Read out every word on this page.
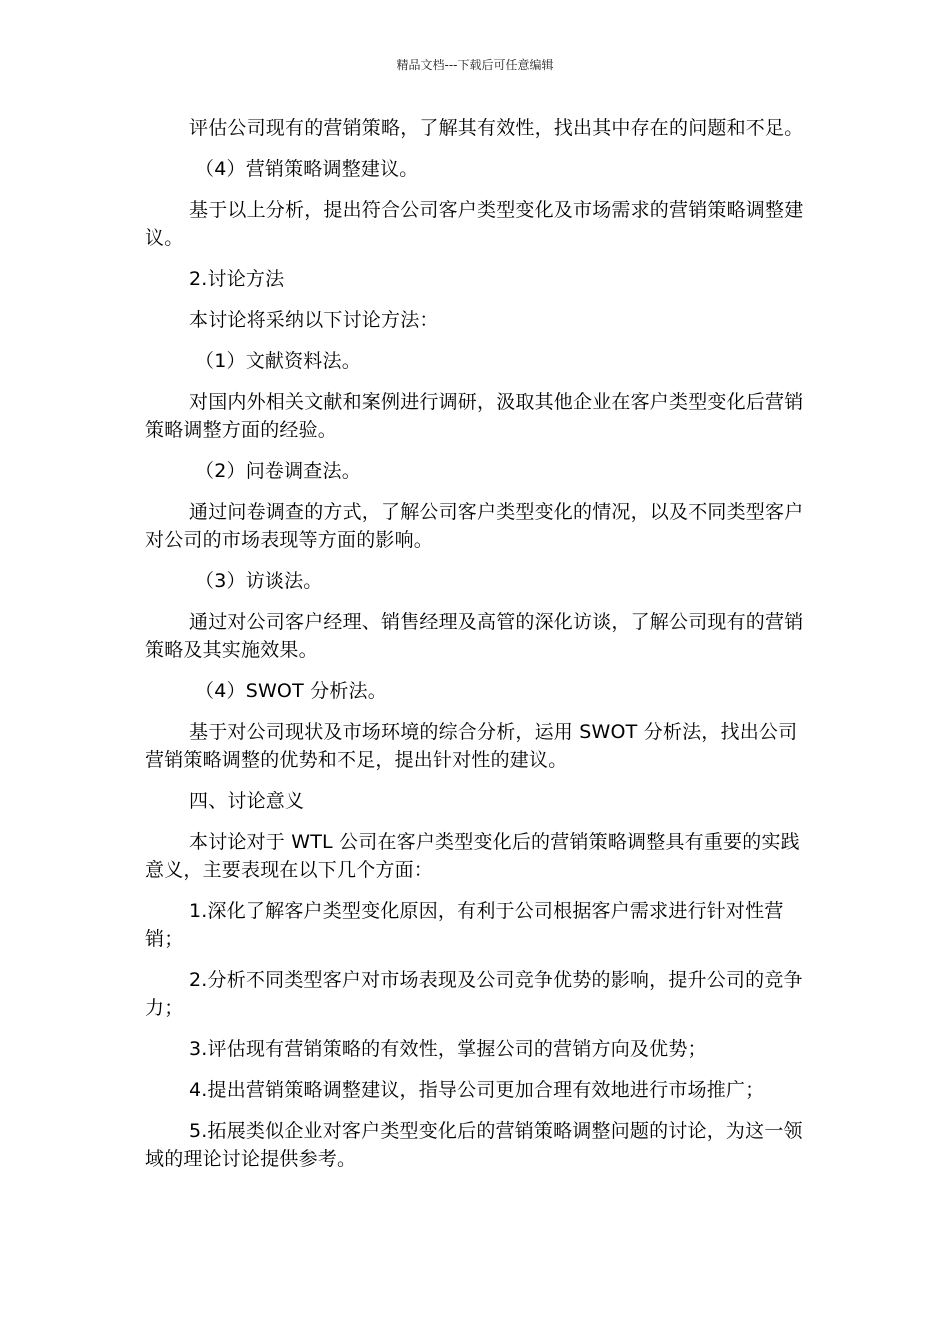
精品文档---下载后可任意编辑

评估公司现有的营销策略，了解其有效性，找出其中存在的问题和不足。

（4）营销策略调整建议。

基于以上分析，提出符合公司客户类型变化及市场需求的营销策略调整建议。

2.讨论方法

本讨论将采纳以下讨论方法：

（1）文献资料法。

对国内外相关文献和案例进行调研，汲取其他企业在客户类型变化后营销策略调整方面的经验。

（2）问卷调查法。

通过问卷调查的方式，了解公司客户类型变化的情况，以及不同类型客户对公司的市场表现等方面的影响。

（3）访谈法。

通过对公司客户经理、销售经理及高管的深化访谈，了解公司现有的营销策略及其实施效果。

（4）SWOT 分析法。

基于对公司现状及市场环境的综合分析，运用 SWOT 分析法，找出公司营销策略调整的优势和不足，提出针对性的建议。

四、讨论意义

本讨论对于 WTL 公司在客户类型变化后的营销策略调整具有重要的实践意义，主要表现在以下几个方面：

1.深化了解客户类型变化原因，有利于公司根据客户需求进行针对性营销；

2.分析不同类型客户对市场表现及公司竞争优势的影响，提升公司的竞争力；

3.评估现有营销策略的有效性，掌握公司的营销方向及优势；

4.提出营销策略调整建议，指导公司更加合理有效地进行市场推广；

5.拓展类似企业对客户类型变化后的营销策略调整问题的讨论，为这一领域的理论讨论提供参考。
